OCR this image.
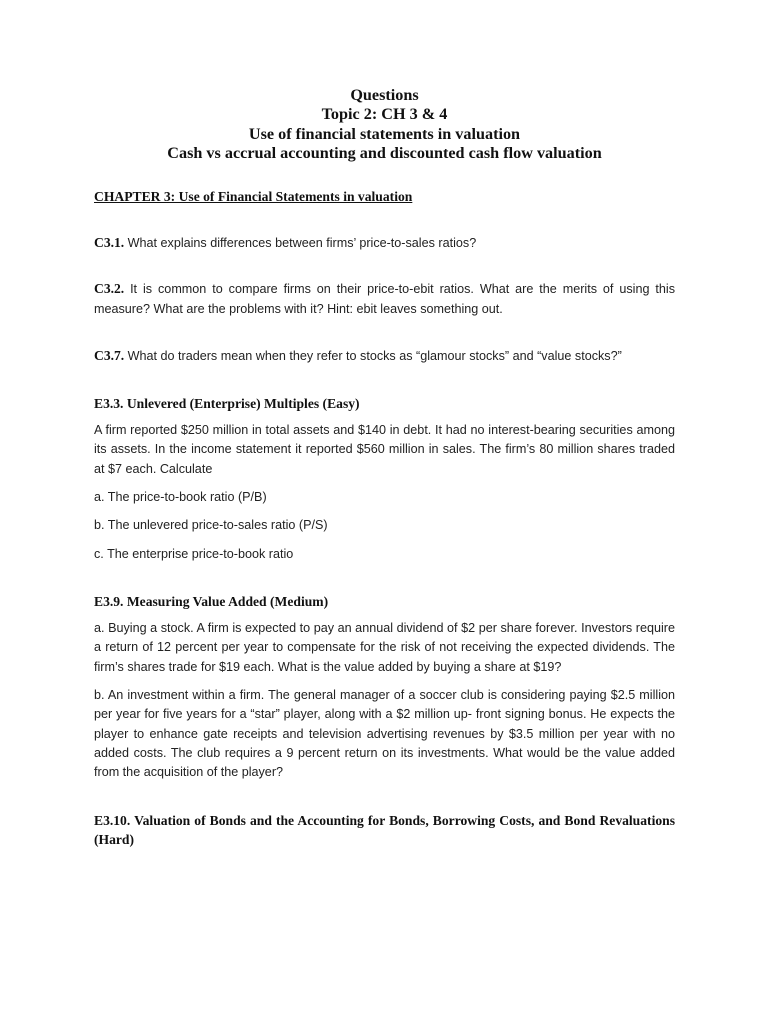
Questions
Topic 2: CH 3 & 4
Use of financial statements in valuation
Cash vs accrual accounting and discounted cash flow valuation
CHAPTER 3: Use of Financial Statements in valuation
C3.1. What explains differences between firms’ price-to-sales ratios?
C3.2. It is common to compare firms on their price-to-ebit ratios. What are the merits of using this measure? What are the problems with it? Hint: ebit leaves something out.
C3.7. What do traders mean when they refer to stocks as “glamour stocks” and “value stocks?”
E3.3. Unlevered (Enterprise) Multiples (Easy)
A firm reported $250 million in total assets and $140 in debt. It had no interest-bearing securities among its assets. In the income statement it reported $560 million in sales. The firm’s 80 million shares traded at $7 each. Calculate
a. The price-to-book ratio (P/B)
b. The unlevered price-to-sales ratio (P/S)
c. The enterprise price-to-book ratio
E3.9. Measuring Value Added (Medium)
a. Buying a stock. A firm is expected to pay an annual dividend of $2 per share forever. Investors require a return of 12 percent per year to compensate for the risk of not receiving the expected dividends. The firm’s shares trade for $19 each. What is the value added by buying a share at $19?
b. An investment within a firm. The general manager of a soccer club is considering paying $2.5 million per year for five years for a “star” player, along with a $2 million up- front signing bonus. He expects the player to enhance gate receipts and television advertising revenues by $3.5 million per year with no added costs. The club requires a 9 percent return on its investments. What would be the value added from the acquisition of the player?
E3.10. Valuation of Bonds and the Accounting for Bonds, Borrowing Costs, and Bond Revaluations (Hard)
